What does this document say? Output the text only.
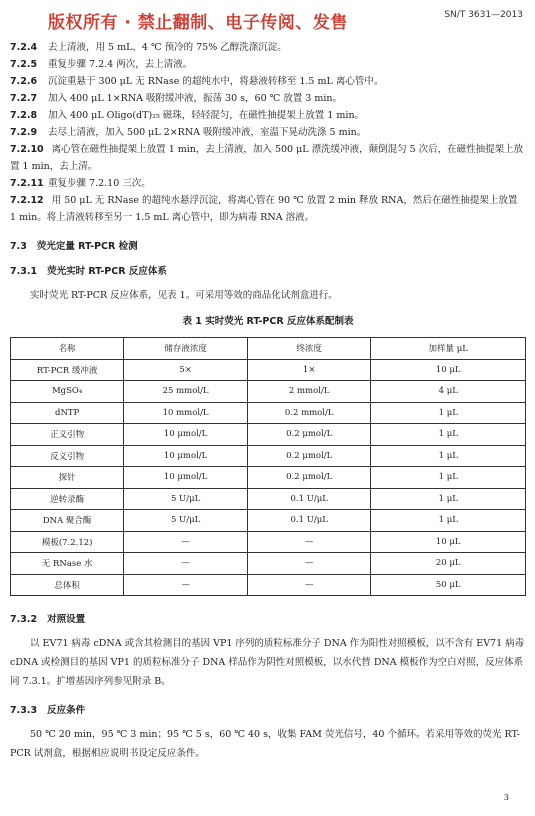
版权所有 · 禁止翻制、电子传阅、发售	SN/T 3631—2013
7.2.4 去上清液，用 5 mL、4 ℃ 预冷的 75% 乙醇洗涤沉淀。
7.2.5 重复步骤 7.2.4 两次，去上清液。
7.2.6 沉淀重悬于 300 μL 无 RNase 的超纯水中，将悬液转移至 1.5 mL 离心管中。
7.2.7 加入 400 μL 1×RNA 吸附缓冲液，振荡 30 s，60 ℃ 放置 3 min。
7.2.8 加入 400 μL Oligo(dT)₂₅ 磁珠，轻轻混匀，在磁性抽提架上放置 1 min。
7.2.9 去尽上清液，加入 500 μL 2×RNA 吸附缓冲液，室温下晃动洗涤 5 min。
7.2.10 离心管在磁性抽提架上放置 1 min，去上清液，加入 500 μL 漂洗缓冲液，颠倒混匀 5 次后，在磁性抽提架上放置 1 min，去上清。
7.2.11 重复步骤 7.2.10 三次。
7.2.12 用 50 μL 无 RNase 的超纯水悬浮沉淀，将离心管在 90 ℃ 放置 2 min 释放 RNA，然后在磁性抽提架上放置 1 min。将上清液转移至另一 1.5 mL 离心管中，即为病毒 RNA 溶液。
7.3 荧光定量 RT-PCR 检测
7.3.1 荧光实时 RT-PCR 反应体系
实时荧光 RT-PCR 反应体系，见表 1。可采用等效的商品化试剂盒进行。
表 1 实时荧光 RT-PCR 反应体系配制表
名称	储存液浓度	终浓度	加样量 μL
RT-PCR 缓冲液	5×	1×	10 μL
MgSO₄	25 mmol/L	2 mmol/L	4 μL
dNTP	10 mmol/L	0.2 mmol/L	1 μL
正义引物	10 μmol/L	0.2 μmol/L	1 μL
反义引物	10 μmol/L	0.2 μmol/L	1 μL
探针	10 μmol/L	0.2 μmol/L	1 μL
逆转录酶	5 U/μL	0.1 U/μL	1 μL
DNA 聚合酶	5 U/μL	0.1 U/μL	1 μL
模板(7.2.12)	—	—	10 μL
无 RNase 水	—	—	20 μL
总体积	—	—	50 μL
7.3.2 对照设置
以 EV71 病毒 cDNA 或含其检测目的基因 VP1 序列的质粒标准分子 DNA 作为阳性对照模板，以不含有 EV71 病毒 cDNA 或检测目的基因 VP1 的质粒标准分子 DNA 样品作为阴性对照模板，以水代替 DNA 模板作为空白对照，反应体系同 7.3.1。扩增基因序列参见附录 B。
7.3.3 反应条件
50 ℃ 20 min，95 ℃ 3 min；95 ℃ 5 s，60 ℃ 40 s，收集 FAM 荧光信号，40 个循环。若采用等效的荧光 RT-PCR 试剂盒，根据相应说明书设定反应条件。
3
